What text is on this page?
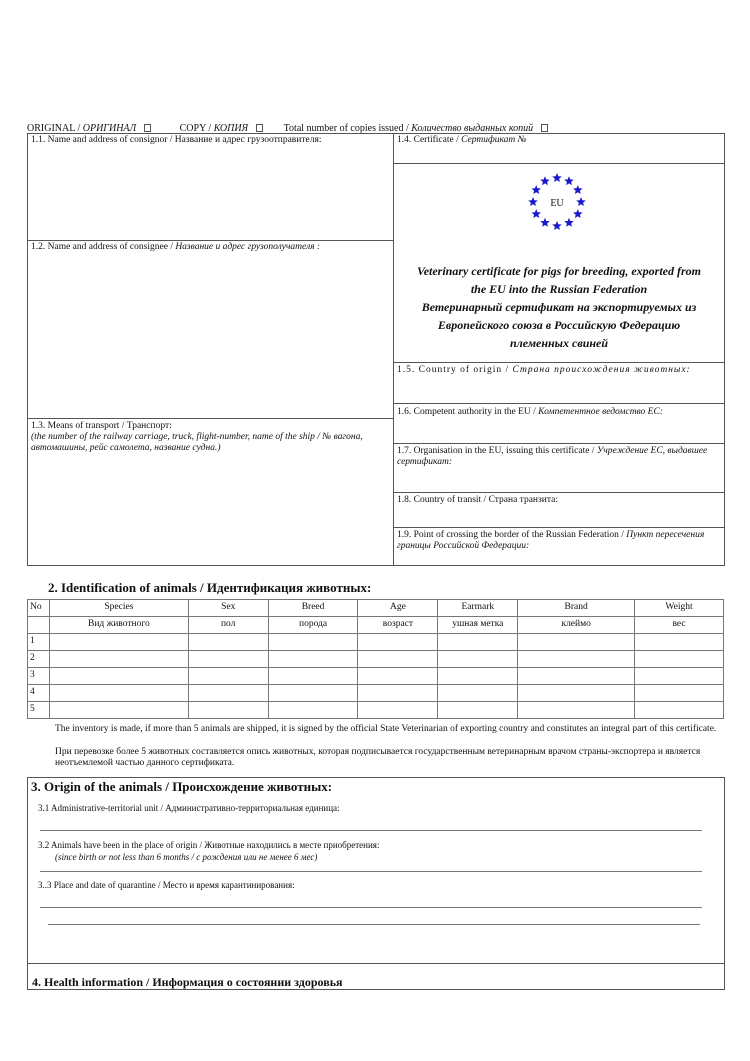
ORIGINAL / ОРИГИНАЛ	COPY / КОПИЯ	Total number of copies issued / Количество выданных копий
1.1. Name and address of consignor / Название и адрес грузоотправителя:
1.2. Name and address of consignee / Название и адрес грузополучателя :
1.3. Means of transport / Транспорт:
(the number of the railway carriage, truck, flight-number, name of the ship / № вагона, автомашины, рейс самолета, название судна.)
1.4. Certificate / Сертификат №
EU
Veterinary certificate for pigs for breeding, exported from
the EU into the Russian Federation
Ветеринарный сертификат на экспортируемых из
Европейского союза в Российскую Федерацию
племенных свиней
1.5. Country of origin / Страна происхождения животных:
1.6. Competent authority in the EU / Компетентное ведомство ЕС:
1.7. Organisation in the EU, issuing this certificate / Учреждение ЕС, выдавшее сертификат:
1.8. Country of transit / Страна транзита:
1.9. Point of crossing the border of the Russian Federation / Пункт пересечения границы Российской Федерации:
2. Identification of animals / Идентификация животных:
No	Species	Sex	Breed	Age	Earmark	Brand	Weight
	Вид животного	пол	порода	возраст	ушная метка	клеймо	вес
1							
2							
3							
4							
5							
The inventory is made, if more than 5 animals are shipped, it is signed by the official State Veterinarian of exporting country and constitutes an integral part of this certificate.
При перевозке более 5 животных составляется опись животных, которая подписывается государственным ветеринарным врачом страны-экспортера и является неотъемлемой частью данного сертификата.
3. Origin of the animals / Происхождение животных:
3.1 Administrative-territorial unit / Административно-территориальная единица:
3.2 Animals have been in the place of origin / Животные находились в месте приобретения:
(since birth or not less than 6 months / с рождения или не менее 6 мес)
3..3 Place and date of quarantine / Место и время карантинирования:
4. Health information / Информация о состоянии здоровья
